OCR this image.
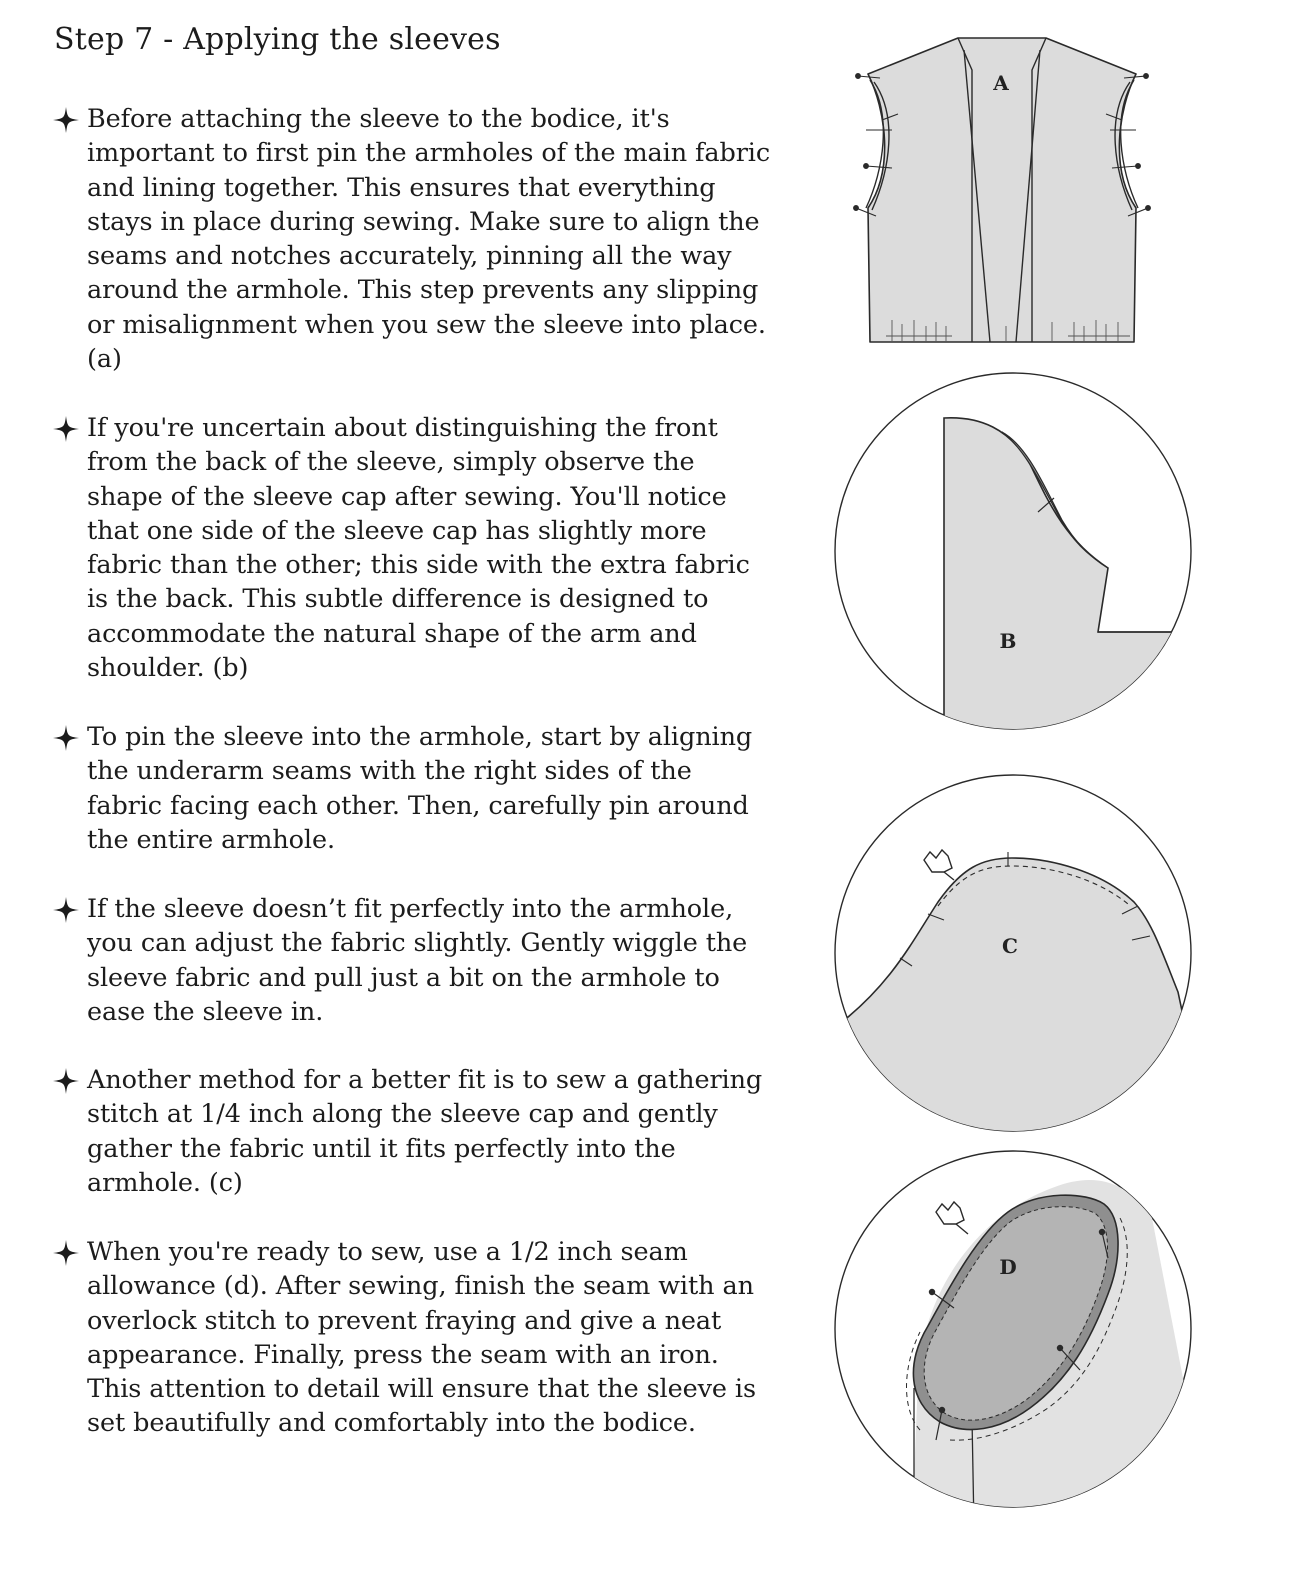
Step 7 - Applying the sleeves

Before attaching the sleeve to the bodice, it's important to first pin the armholes of the main fabric and lining together. This ensures that everything stays in place during sewing. Make sure to align the seams and notches accurately, pinning all the way around the armhole. This step prevents any slipping or misalignment when you sew the sleeve into place. (a)

If you're uncertain about distinguishing the front from the back of the sleeve, simply observe the shape of the sleeve cap after sewing. You'll notice that one side of the sleeve cap has slightly more fabric than the other; this side with the extra fabric is the back. This subtle difference is designed to accommodate the natural shape of the arm and shoulder. (b)

To pin the sleeve into the armhole, start by aligning the underarm seams with the right sides of the fabric facing each other. Then, carefully pin around the entire armhole.

If the sleeve doesn’t fit perfectly into the armhole, you can adjust the fabric slightly. Gently wiggle the sleeve fabric and pull just a bit on the armhole to ease the sleeve in.

Another method for a better fit is to sew a gathering stitch at 1/4 inch along the sleeve cap and gently gather the fabric until it fits perfectly into the armhole. (c)

When you're ready to sew, use a 1/2 inch seam allowance (d). After sewing, finish the seam with an overlock stitch to prevent fraying and give a neat appearance. Finally, press the seam with an iron. This attention to detail will ensure that the sleeve is set beautifully and comfortably into the bodice.

A
B
C
D
